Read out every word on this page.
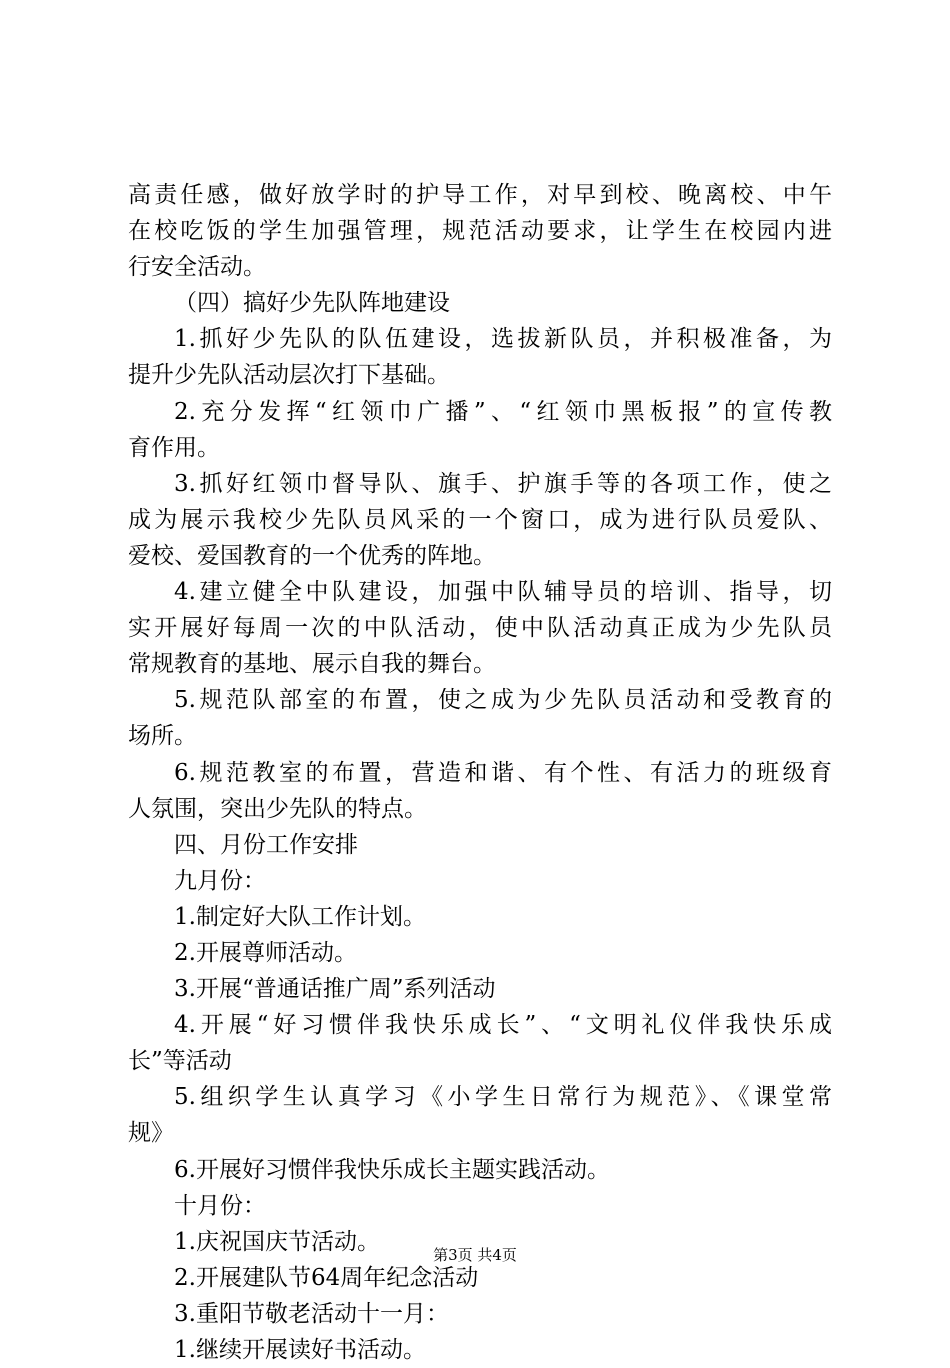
高责任感，做好放学时的护导工作，对早到校、晚离校、中午
在校吃饭的学生加强管理，规范活动要求，让学生在校园内进
行安全活动。
（四）搞好少先队阵地建设
1.抓好少先队的队伍建设，选拔新队员，并积极准备，为
提升少先队活动层次打下基础。
2.充分发挥“红领巾广播”、“红领巾黑板报”的宣传教
育作用。
3.抓好红领巾督导队、旗手、护旗手等的各项工作，使之
成为展示我校少先队员风采的一个窗口，成为进行队员爱队、
爱校、爱国教育的一个优秀的阵地。
4.建立健全中队建设，加强中队辅导员的培训、指导，切
实开展好每周一次的中队活动，使中队活动真正成为少先队员
常规教育的基地、展示自我的舞台。
5.规范队部室的布置，使之成为少先队员活动和受教育的
场所。
6.规范教室的布置，营造和谐、有个性、有活力的班级育
人氛围，突出少先队的特点。
四、月份工作安排
九月份：
1.制定好大队工作计划。
2.开展尊师活动。
3.开展“普通话推广周”系列活动
4.开展“好习惯伴我快乐成长”、“文明礼仪伴我快乐成
长”等活动
5.组织学生认真学习《小学生日常行为规范》、《课堂常
规》
6.开展好习惯伴我快乐成长主题实践活动。
十月份：
1.庆祝国庆节活动。
2.开展建队节64周年纪念活动
3.重阳节敬老活动十一月：
1.继续开展读好书活动。
第3页 共4页
